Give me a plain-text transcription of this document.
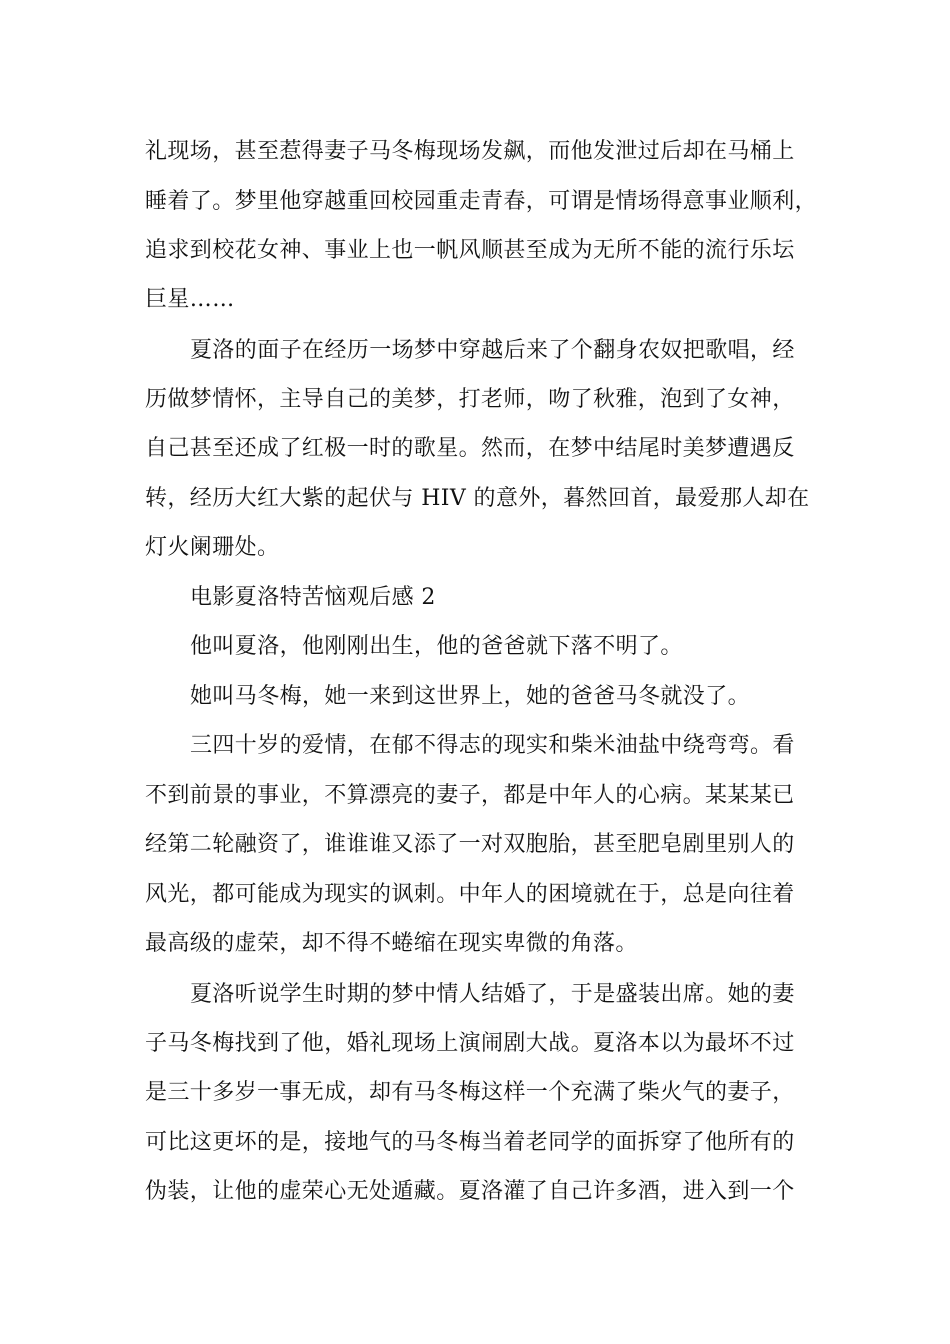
礼现场，甚至惹得妻子马冬梅现场发飙，而他发泄过后却在马桶上
睡着了。梦里他穿越重回校园重走青春，可谓是情场得意事业顺利，
追求到校花女神、事业上也一帆风顺甚至成为无所不能的流行乐坛
巨星……
夏洛的面子在经历一场梦中穿越后来了个翻身农奴把歌唱，经
历做梦情怀，主导自己的美梦，打老师，吻了秋雅，泡到了女神，
自己甚至还成了红极一时的歌星。然而，在梦中结尾时美梦遭遇反
转，经历大红大紫的起伏与 HIV 的意外，暮然回首，最爱那人却在
灯火阑珊处。
电影夏洛特苦恼观后感 2
他叫夏洛，他刚刚出生，他的爸爸就下落不明了。
她叫马冬梅，她一来到这世界上，她的爸爸马冬就没了。
三四十岁的爱情，在郁不得志的现实和柴米油盐中绕弯弯。看
不到前景的事业，不算漂亮的妻子，都是中年人的心病。某某某已
经第二轮融资了，谁谁谁又添了一对双胞胎，甚至肥皂剧里别人的
风光，都可能成为现实的讽刺。中年人的困境就在于，总是向往着
最高级的虚荣，却不得不蜷缩在现实卑微的角落。
夏洛听说学生时期的梦中情人结婚了，于是盛装出席。她的妻
子马冬梅找到了他，婚礼现场上演闹剧大战。夏洛本以为最坏不过
是三十多岁一事无成，却有马冬梅这样一个充满了柴火气的妻子，
可比这更坏的是，接地气的马冬梅当着老同学的面拆穿了他所有的
伪装，让他的虚荣心无处遁藏。夏洛灌了自己许多酒，进入到一个
